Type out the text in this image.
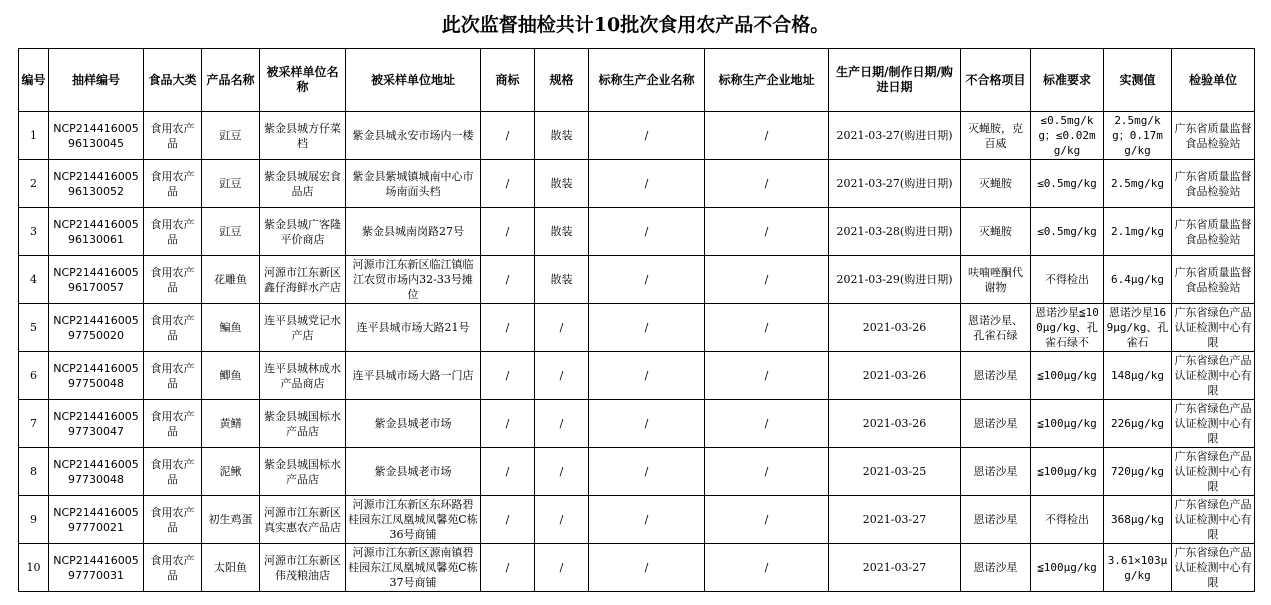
此次监督抽检共计10批次食用农产品不合格。
编号	抽样编号	食品大类	产品名称	被采样单位名称	被采样单位地址	商标	规格	标称生产企业名称	标称生产企业地址	生产日期/制作日期/购进日期	不合格项目	标准要求	实测值	检验单位

1	NCP21441600596130045	食用农产品	豇豆	紫金县城方仔菜档	紫金县城永安市场内一楼	/	散装	/	/	2021-03-27(购进日期)	灭蝇胺，克百威	≤0.5mg/kg；≤0.02mg/kg	2.5mg/kg；0.17mg/kg	广东省质量监督食品检验站

2	NCP21441600596130052	食用农产品	豇豆	紫金县城展宏食品店	紫金县紫城镇城南中心市场南面头档	/	散装	/	/	2021-03-27(购进日期)	灭蝇胺	≤0.5mg/kg	2.5mg/kg	广东省质量监督食品检验站

3	NCP21441600596130061	食用农产品	豇豆	紫金县城广客隆平价商店	紫金县城南岗路27号	/	散装	/	/	2021-03-28(购进日期)	灭蝇胺	≤0.5mg/kg	2.1mg/kg	广东省质量监督食品检验站

4	NCP21441600596170057	食用农产品	花雕鱼	河源市江东新区鑫仔海鲜水产店	河源市江东新区临江镇临江农贸市场内32-33号摊位	/	散装	/	/	2021-03-29(购进日期)	呋喃唑酮代谢物	不得检出	6.4μg/kg	广东省质量监督食品检验站

5	NCP21441600597750020	食用农产品	鳊鱼	连平县城党记水产店	连平县城市场大路21号	/	/	/	/	2021-03-26	恩诺沙星、孔雀石绿	恩诺沙星≦100μg/kg、孔雀石绿不	恩诺沙星169μg/kg、孔雀石	广东省绿色产品认证检测中心有限

6	NCP21441600597750048	食用农产品	鲫鱼	连平县城林成水产品商店	连平县城市场大路一门店	/	/	/	/	2021-03-26	恩诺沙星	≦100μg/kg	148μg/kg	广东省绿色产品认证检测中心有限

7	NCP21441600597730047	食用农产品	黄鳝	紫金县城国标水产品店	紫金县城老市场	/	/	/	/	2021-03-26	恩诺沙星	≦100μg/kg	226μg/kg	广东省绿色产品认证检测中心有限

8	NCP21441600597730048	食用农产品	泥鳅	紫金县城国标水产品店	紫金县城老市场	/	/	/	/	2021-03-25	恩诺沙星	≦100μg/kg	720μg/kg	广东省绿色产品认证检测中心有限

9	NCP21441600597770021	食用农产品	初生鸡蛋	河源市江东新区真实惠农产品店	河源市江东新区东环路碧桂园东江凤凰城凤馨苑C栋36号商铺	/	/	/	/	2021-03-27	恩诺沙星	不得检出	368μg/kg	广东省绿色产品认证检测中心有限

10	NCP21441600597770031	食用农产品	太阳鱼	河源市江东新区伟茂粮油店	河源市江东新区源南镇碧桂园东江凤凰城凤馨苑C栋37号商铺	/	/	/	/	2021-03-27	恩诺沙星	≦100μg/kg	3.61×103μg/kg	广东省绿色产品认证检测中心有限
